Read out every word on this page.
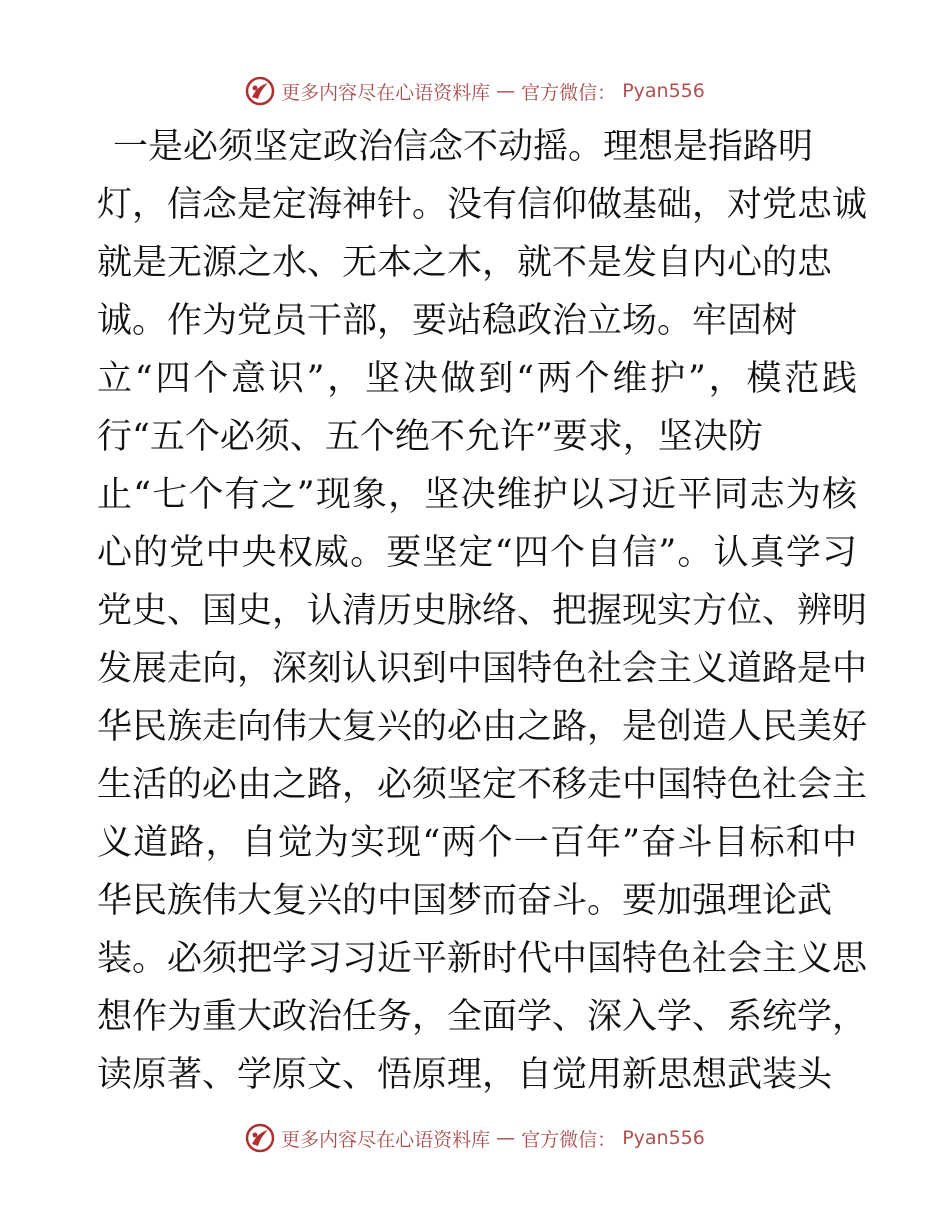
更多内容尽在心语资料库 — 官方微信： Pyan556
一是必须坚定政治信念不动摇。理想是指路明
灯，信念是定海神针。没有信仰做基础，对党忠诚
就是无源之水、无本之木，就不是发自内心的忠
诚。作为党员干部，要站稳政治立场。牢固树
立“四个意识”，坚决做到“两个维护”，模范践
行“五个必须、五个绝不允许”要求，坚决防
止“七个有之”现象，坚决维护以习近平同志为核
心的党中央权威。要坚定“四个自信”。认真学习
党史、国史，认清历史脉络、把握现实方位、辨明
发展走向，深刻认识到中国特色社会主义道路是中
华民族走向伟大复兴的必由之路，是创造人民美好
生活的必由之路，必须坚定不移走中国特色社会主
义道路，自觉为实现“两个一百年”奋斗目标和中
华民族伟大复兴的中国梦而奋斗。要加强理论武
装。必须把学习习近平新时代中国特色社会主义思
想作为重大政治任务，全面学、深入学、系统学，
读原著、学原文、悟原理，自觉用新思想武装头
更多内容尽在心语资料库 — 官方微信： Pyan556
